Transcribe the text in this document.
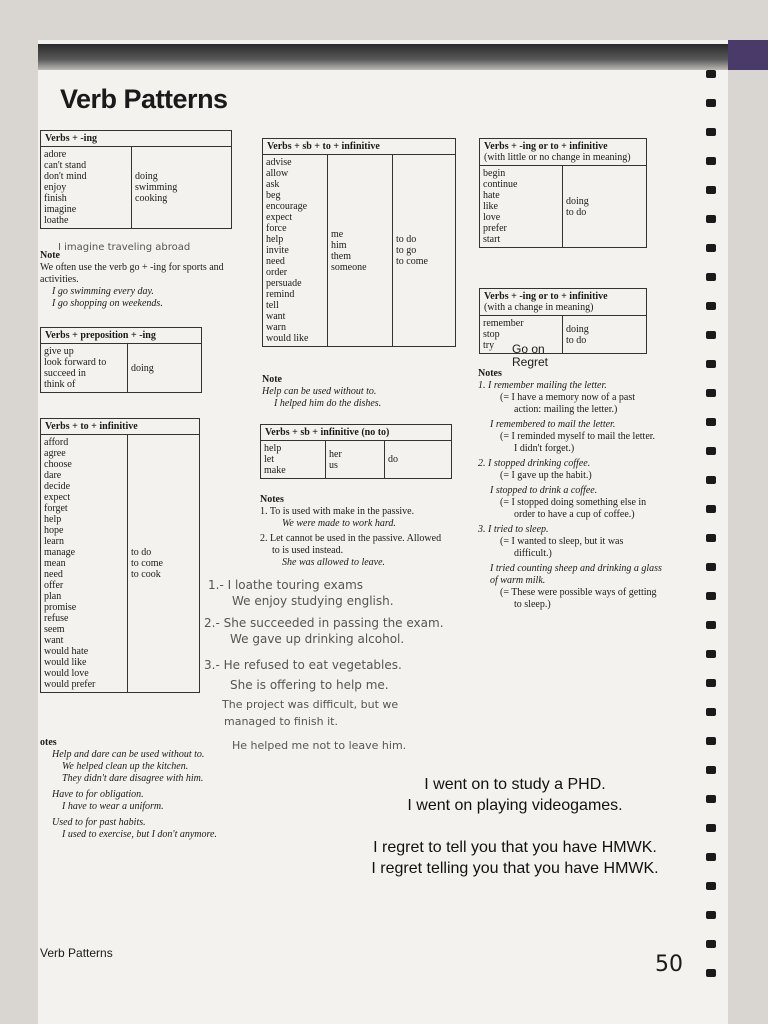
Verb Patterns
Verbs + -ing
adore
can't stand
don't mind
enjoy
finish
imagine
loathe
doing
swimming
cooking
I imagine traveling abroad
Note
We often use the verb go + -ing for sports and activities.
I go swimming every day.
I go shopping on weekends.
Verbs + preposition + -ing
give up
look forward to
succeed in
think of
doing
Verbs + to + infinitive
afford
agree
choose
dare
decide
expect
forget
help
hope
learn
manage
mean
need
offer
plan
promise
refuse
seem
want
would hate
would like
would love
would prefer
to do
to come
to cook
otes
Help and dare can be used without to.
We helped clean up the kitchen.
They didn't dare disagree with him.
Have to for obligation.
I have to wear a uniform.
Used to for past habits.
I used to exercise, but I don't anymore.
Verbs + sb + to + infinitive
advise
allow
ask
beg
encourage
expect
force
help
invite
need
order
persuade
remind
tell
want
warn
would like
me
him
them
someone
to do
to go
to come
Note
Help can be used without to.
I helped him do the dishes.
Verbs + sb + infinitive (no to)
help
let
make
her
us	do
Notes
1. To is used with make in the passive.
We were made to work hard.
2. Let cannot be used in the passive. Allowed
to is used instead.
She was allowed to leave.
Verbs + -ing or to + infinitive
(with little or no change in meaning)
begin
continue
hate
like
love
prefer
start
doing
to do
Verbs + -ing or to + infinitive
(with a change in meaning)
remember
stop
try
doing
to do
Go on
Regret
Notes
1. I remember mailing the letter.
(= I have a memory now of a past
action: mailing the letter.)
I remembered to mail the letter.
(= I reminded myself to mail the letter.
I didn't forget.)
2. I stopped drinking coffee.
(= I gave up the habit.)
I stopped to drink a coffee.
(= I stopped doing something else in
order to have a cup of coffee.)
3. I tried to sleep.
(= I wanted to sleep, but it was
difficult.)
I tried counting sheep and drinking a glass
of warm milk.
(= These were possible ways of getting
to sleep.)
1.- I loathe touring exams
We enjoy studying english.
2.- She succeeded in passing the exam.
We gave up drinking alcohol.
3.- He refused to eat vegetables.
She is offering to help me.
The project was difficult, but we
managed to finish it.
He helped me not to leave him.
I went on to study a PHD.
I went on playing videogames.
I regret to tell you that you have HMWK.
I regret telling you that you have HMWK.
Verb Patterns	50
